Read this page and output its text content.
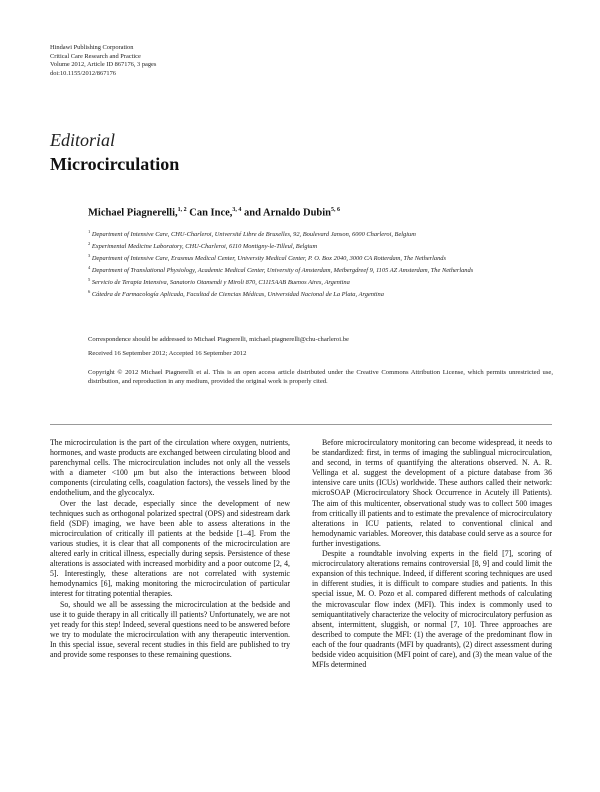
Hindawi Publishing Corporation
Critical Care Research and Practice
Volume 2012, Article ID 867176, 3 pages
doi:10.1155/2012/867176
Editorial
Microcirculation
Michael Piagnerelli,$^{1, 2}$ Can Ince,$^{3, 4}$ and Arnaldo Dubin$^{5, 6}$
$^1$ Department of Intensive Care, CHU-Charleroi, Université Libre de Bruxelles, 92, Boulevard Janson, 6000 Charleroi, Belgium
$^2$ Experimental Medicine Laboratory, CHU-Charleroi, 6110 Montigny-le-Tilleul, Belgium
$^3$ Department of Intensive Care, Erasmus Medical Center, University Medical Center, P. O. Box 2040, 3000 CA Rotterdam, The Netherlands
$^4$ Department of Translational Physiology, Academic Medical Center, University of Amsterdam, Meibergdreef 9, 1105 AZ Amsterdam, The Netherlands
$^5$ Servicio de Terapia Intensiva, Sanatorio Otamendi y Miroli 870, C1115AAB Buenos Aires, Argentina
$^6$ Cátedra de Farmacología Aplicada, Facultad de Ciencias Médicas, Universidad Nacional de La Plata, Argentina
Correspondence should be addressed to Michael Piagnerelli, michael.piagnerelli@chu-charleroi.be
Received 16 September 2012; Accepted 16 September 2012
Copyright © 2012 Michael Piagnerelli et al. This is an open access article distributed under the Creative Commons Attribution License, which permits unrestricted use, distribution, and reproduction in any medium, provided the original work is properly cited.

The microcirculation is the part of the circulation where oxygen, nutrients, hormones, and waste products are exchanged between circulating blood and parenchymal cells. The microcirculation includes not only all the vessels with a diameter <100 μm but also the interactions between blood components (circulating cells, coagulation factors), the vessels lined by the endothelium, and the glycocalyx.

Over the last decade, especially since the development of new techniques such as orthogonal polarized spectral (OPS) and sidestream dark field (SDF) imaging, we have been able to assess alterations in the microcirculation of critically ill patients at the bedside [1–4]. From the various studies, it is clear that all components of the microcirculation are altered early in critical illness, especially during sepsis. Persistence of these alterations is associated with increased morbidity and a poor outcome [2, 4, 5]. Interestingly, these alterations are not correlated with systemic hemodynamics [6], making monitoring the microcirculation of particular interest for titrating potential therapies.

So, should we all be assessing the microcirculation at the bedside and use it to guide therapy in all critically ill patients? Unfortunately, we are not yet ready for this step! Indeed, several questions need to be answered before we try to modulate the microcirculation with any therapeutic intervention. In this special issue, several recent studies in this field are published to try and provide some responses to these remaining questions.

Before microcirculatory monitoring can become widespread, it needs to be standardized: first, in terms of imaging the sublingual microcirculation, and second, in terms of quantifying the alterations observed. N. A. R. Vellinga et al. suggest the development of a picture database from 36 intensive care units (ICUs) worldwide. These authors called their network: microSOAP (Microcirculatory Shock Occurrence in Acutely ill Patients). The aim of this multicenter, observational study was to collect 500 images from critically ill patients and to estimate the prevalence of microcirculatory alterations in ICU patients, related to conventional clinical and hemodynamic variables. Moreover, this database could serve as a source for further investigations.

Despite a roundtable involving experts in the field [7], scoring of microcirculatory alterations remains controversial [8, 9] and could limit the expansion of this technique. Indeed, if different scoring techniques are used in different studies, it is difficult to compare studies and patients. In this special issue, M. O. Pozo et al. compared different methods of calculating the microvascular flow index (MFI). This index is commonly used to semiquantitatively characterize the velocity of microcirculatory perfusion as absent, intermittent, sluggish, or normal [7, 10]. Three approaches are described to compute the MFI: (1) the average of the predominant flow in each of the four quadrants (MFI by quadrants), (2) direct assessment during bedside video acquisition (MFI point of care), and (3) the mean value of the MFIs determined
